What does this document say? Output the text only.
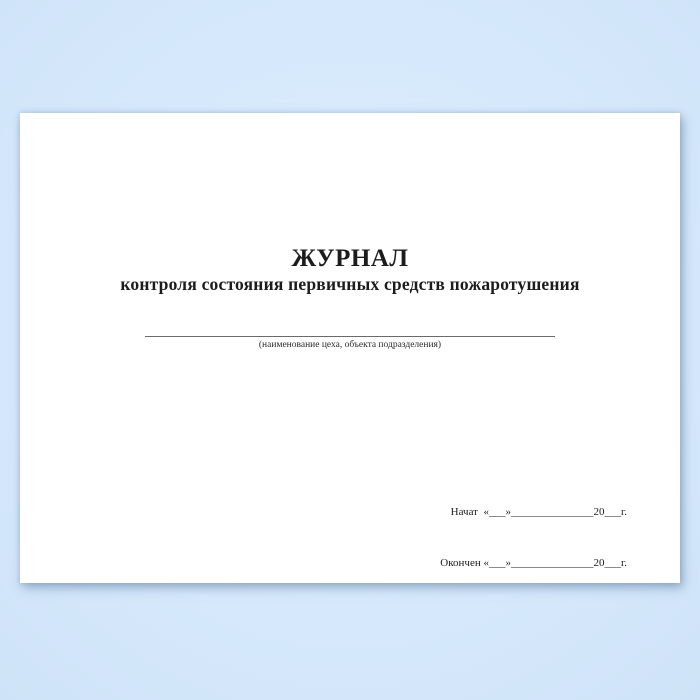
ЖУРНАЛ
контроля состояния первичных средств пожаротушения
(наименование цеха, объекта подразделения)

Начат  «___»_______________20___г.

Окончен «___»_______________20___г.
